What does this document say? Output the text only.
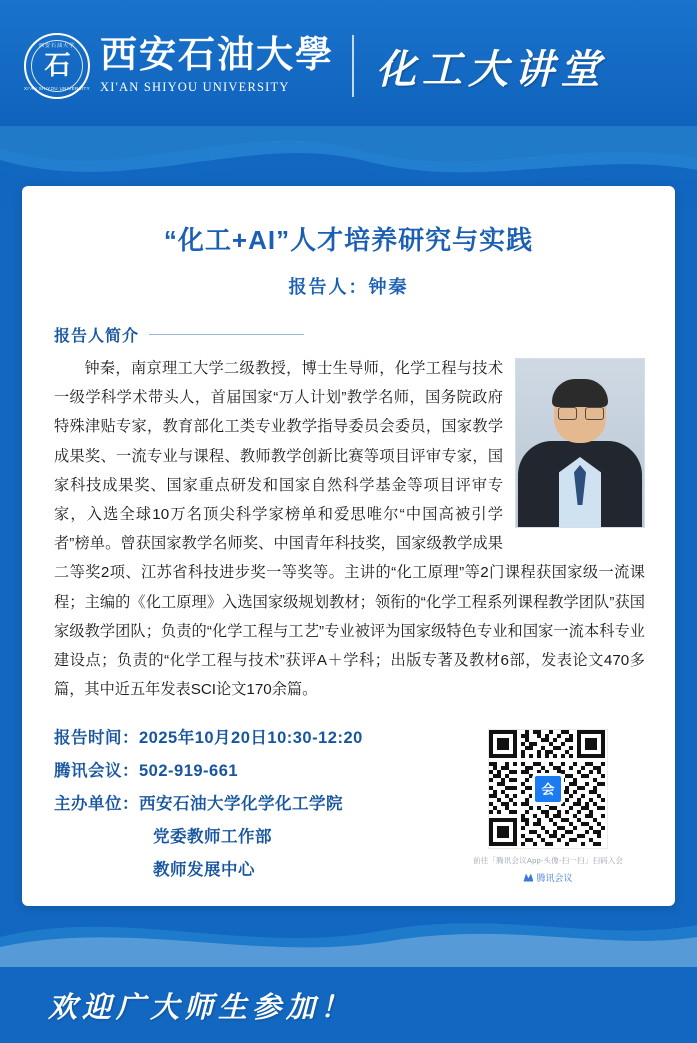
西安石油大学
石
XI'AN SHIYOU UNIVERSITY
西安石油大學
XI'AN SHIYOU UNIVERSITY	化工大讲堂
“化工+AI”人才培养研究与实践
报告人：钟秦
报告人简介
钟秦，南京理工大学二级教授，博士生导师，化学工程与技术一级学科学术带头人，首届国家“万人计划”教学名师，国务院政府特殊津贴专家，教育部化工类专业教学指导委员会委员，国家教学成果奖、一流专业与课程、教师教学创新比赛等项目评审专家，国家科技成果奖、国家重点研发和国家自然科学基金等项目评审专家，入选全球10万名顶尖科学家榜单和爱思唯尔“中国高被引学者”榜单。曾获国家教学名师奖、中国青年科技奖，国家级教学成果二等奖2项、江苏省科技进步奖一等奖等。主讲的“化工原理”等2门课程获国家级一流课程；主编的《化工原理》入选国家级规划教材；领衔的“化学工程系列课程教学团队”获国家级教学团队；负责的“化学工程与工艺”专业被评为国家级特色专业和国家一流本科专业建设点；负责的“化学工程与技术”获评A＋学科；出版专著及教材6部，发表论文470多篇，其中近五年发表SCI论文170余篇。
报告时间：2025年10月20日10:30-12:20
腾讯会议：502-919-661
主办单位：西安石油大学化学化工学院
党委教师工作部
教师发展中心
会
前往「腾讯会议App-头像-扫一扫」扫码入会
腾讯会议
欢迎广大师生参加！
